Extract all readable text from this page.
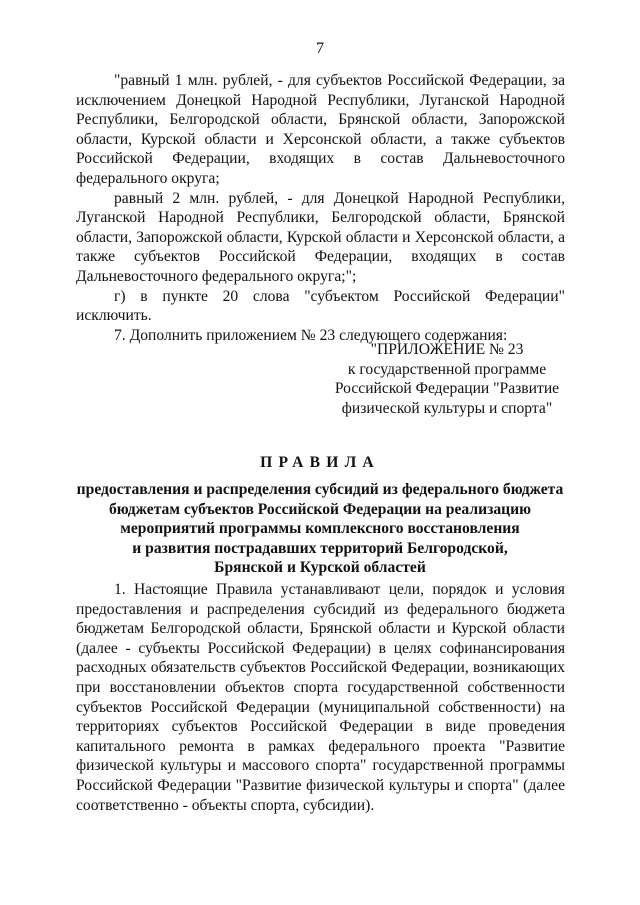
7

"равный 1 млн. рублей, - для субъектов Российской Федерации, за исключением Донецкой Народной Республики, Луганской Народной Республики, Белгородской области, Брянской области, Запорожской области, Курской области и Херсонской области, а также субъектов Российской Федерации, входящих в состав Дальневосточного федерального округа;

равный 2 млн. рублей, - для Донецкой Народной Республики, Луганской Народной Республики, Белгородской области, Брянской области, Запорожской области, Курской области и Херсонской области, а также субъектов Российской Федерации, входящих в состав Дальневосточного федерального округа;";

г) в пункте 20 слова "субъектом Российской Федерации" исключить.

7. Дополнить приложением № 23 следующего содержания:

"ПРИЛОЖЕНИЕ № 23
к государственной программе
Российской Федерации "Развитие
физической культуры и спорта"
ПРАВИЛА
предоставления и распределения субсидий из федерального бюджета
бюджетам субъектов Российской Федерации на реализацию
мероприятий программы комплексного восстановления
и развития пострадавших территорий Белгородской,
Брянской и Курской областей

1. Настоящие Правила устанавливают цели, порядок и условия предоставления и распределения субсидий из федерального бюджета бюджетам Белгородской области, Брянской области и Курской области (далее - субъекты Российской Федерации) в целях софинансирования расходных обязательств субъектов Российской Федерации, возникающих при восстановлении объектов спорта государственной собственности субъектов Российской Федерации (муниципальной собственности) на территориях субъектов Российской Федерации в виде проведения капитального ремонта в рамках федерального проекта "Развитие физической культуры и массового спорта" государственной программы Российской Федерации "Развитие физической культуры и спорта" (далее соответственно - объекты спорта, субсидии).
